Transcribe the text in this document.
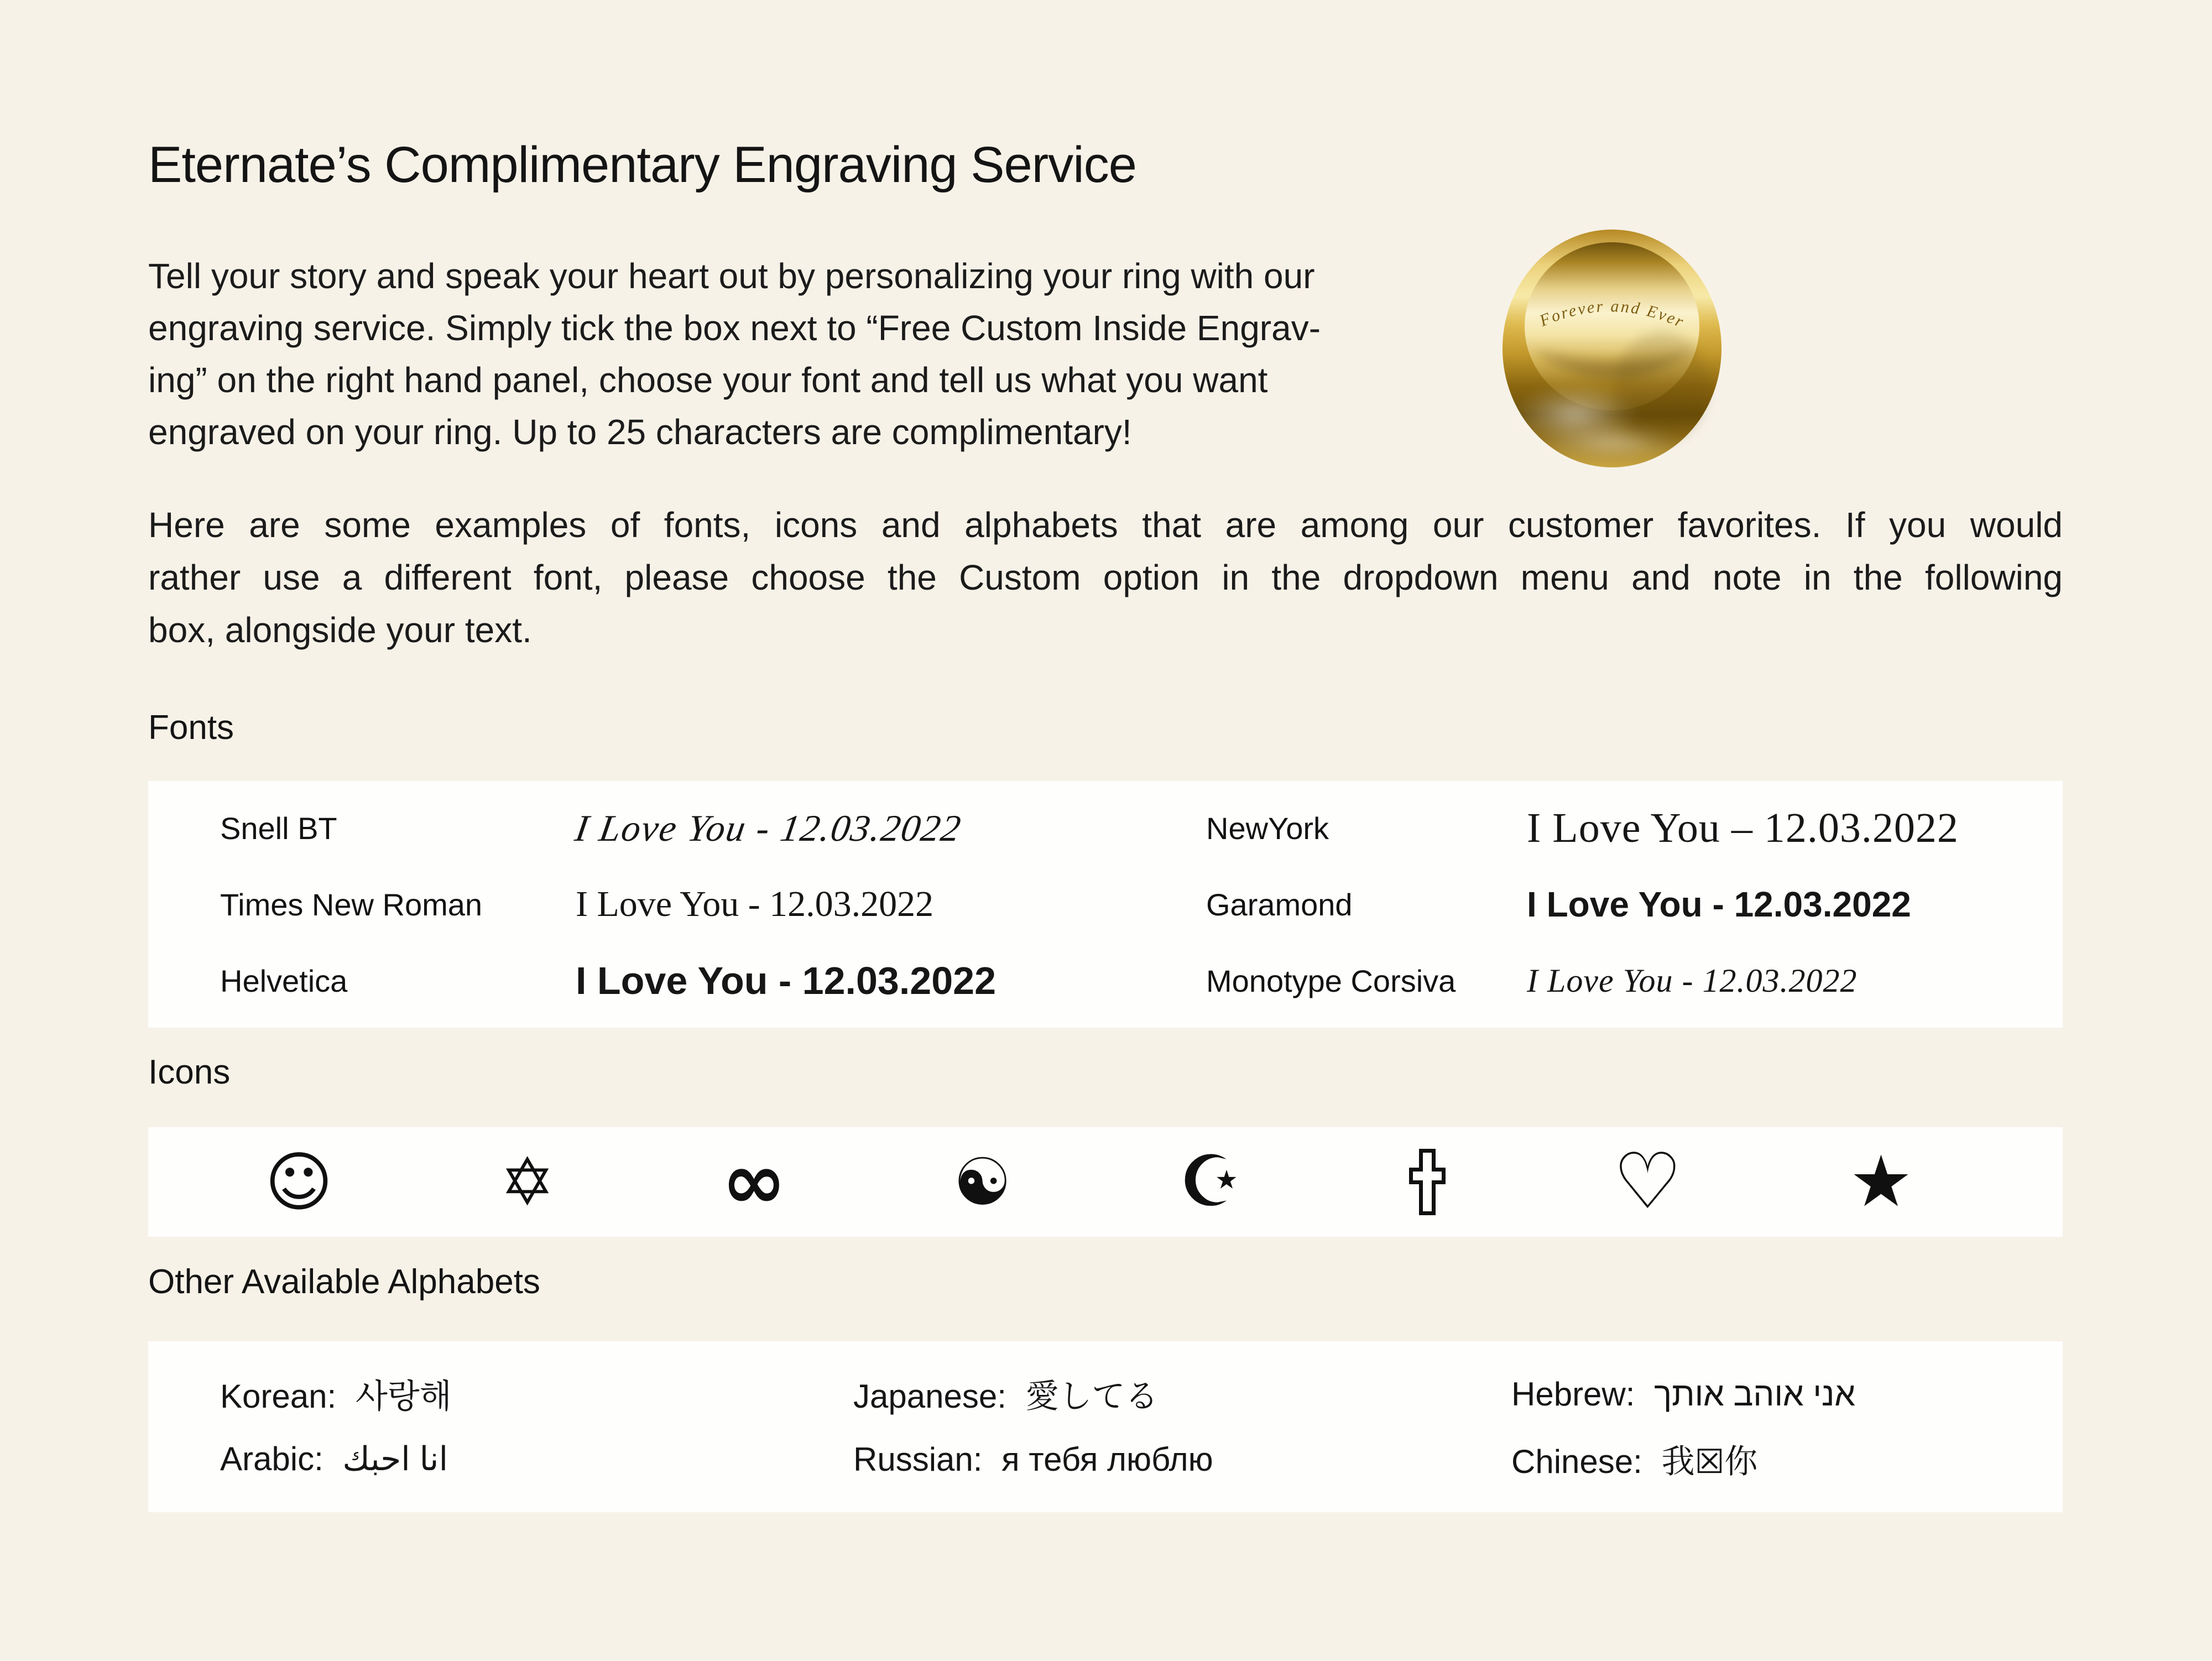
Eternate’s Complimentary Engraving Service
Tell your story and speak your heart out by personalizing your ring with our
engraving service. Simply tick the box next to “Free Custom Inside Engrav-
ing” on the right hand panel, choose your font and tell us what you want
engraved on your ring. Up to 25 characters are complimentary!
Forever and Ever
Here are some examples of fonts, icons and alphabets that are among our customer favorites. If you would
rather use a different font, please choose the Custom option in the dropdown menu and note in the following
box, alongside your text.
Fonts
Snell BT	I Love You - 12.03.2022	NewYork	I Love You – 12.03.2022
Times New Roman	I Love You - 12.03.2022	Garamond	I Love You - 12.03.2022
Helvetica	I Love You - 12.03.2022	Monotype Corsiva	I Love You - 12.03.2022
Icons
☺	✡ ∞	☯ ☪	♡ ★
Other Available Alphabets
Korean: 사랑해	Japanese: 愛してる	Hebrew: אני אוהב אותך
Arabic: انا احبك	Russian: я тебя люблю	Chinese: 我☒你
